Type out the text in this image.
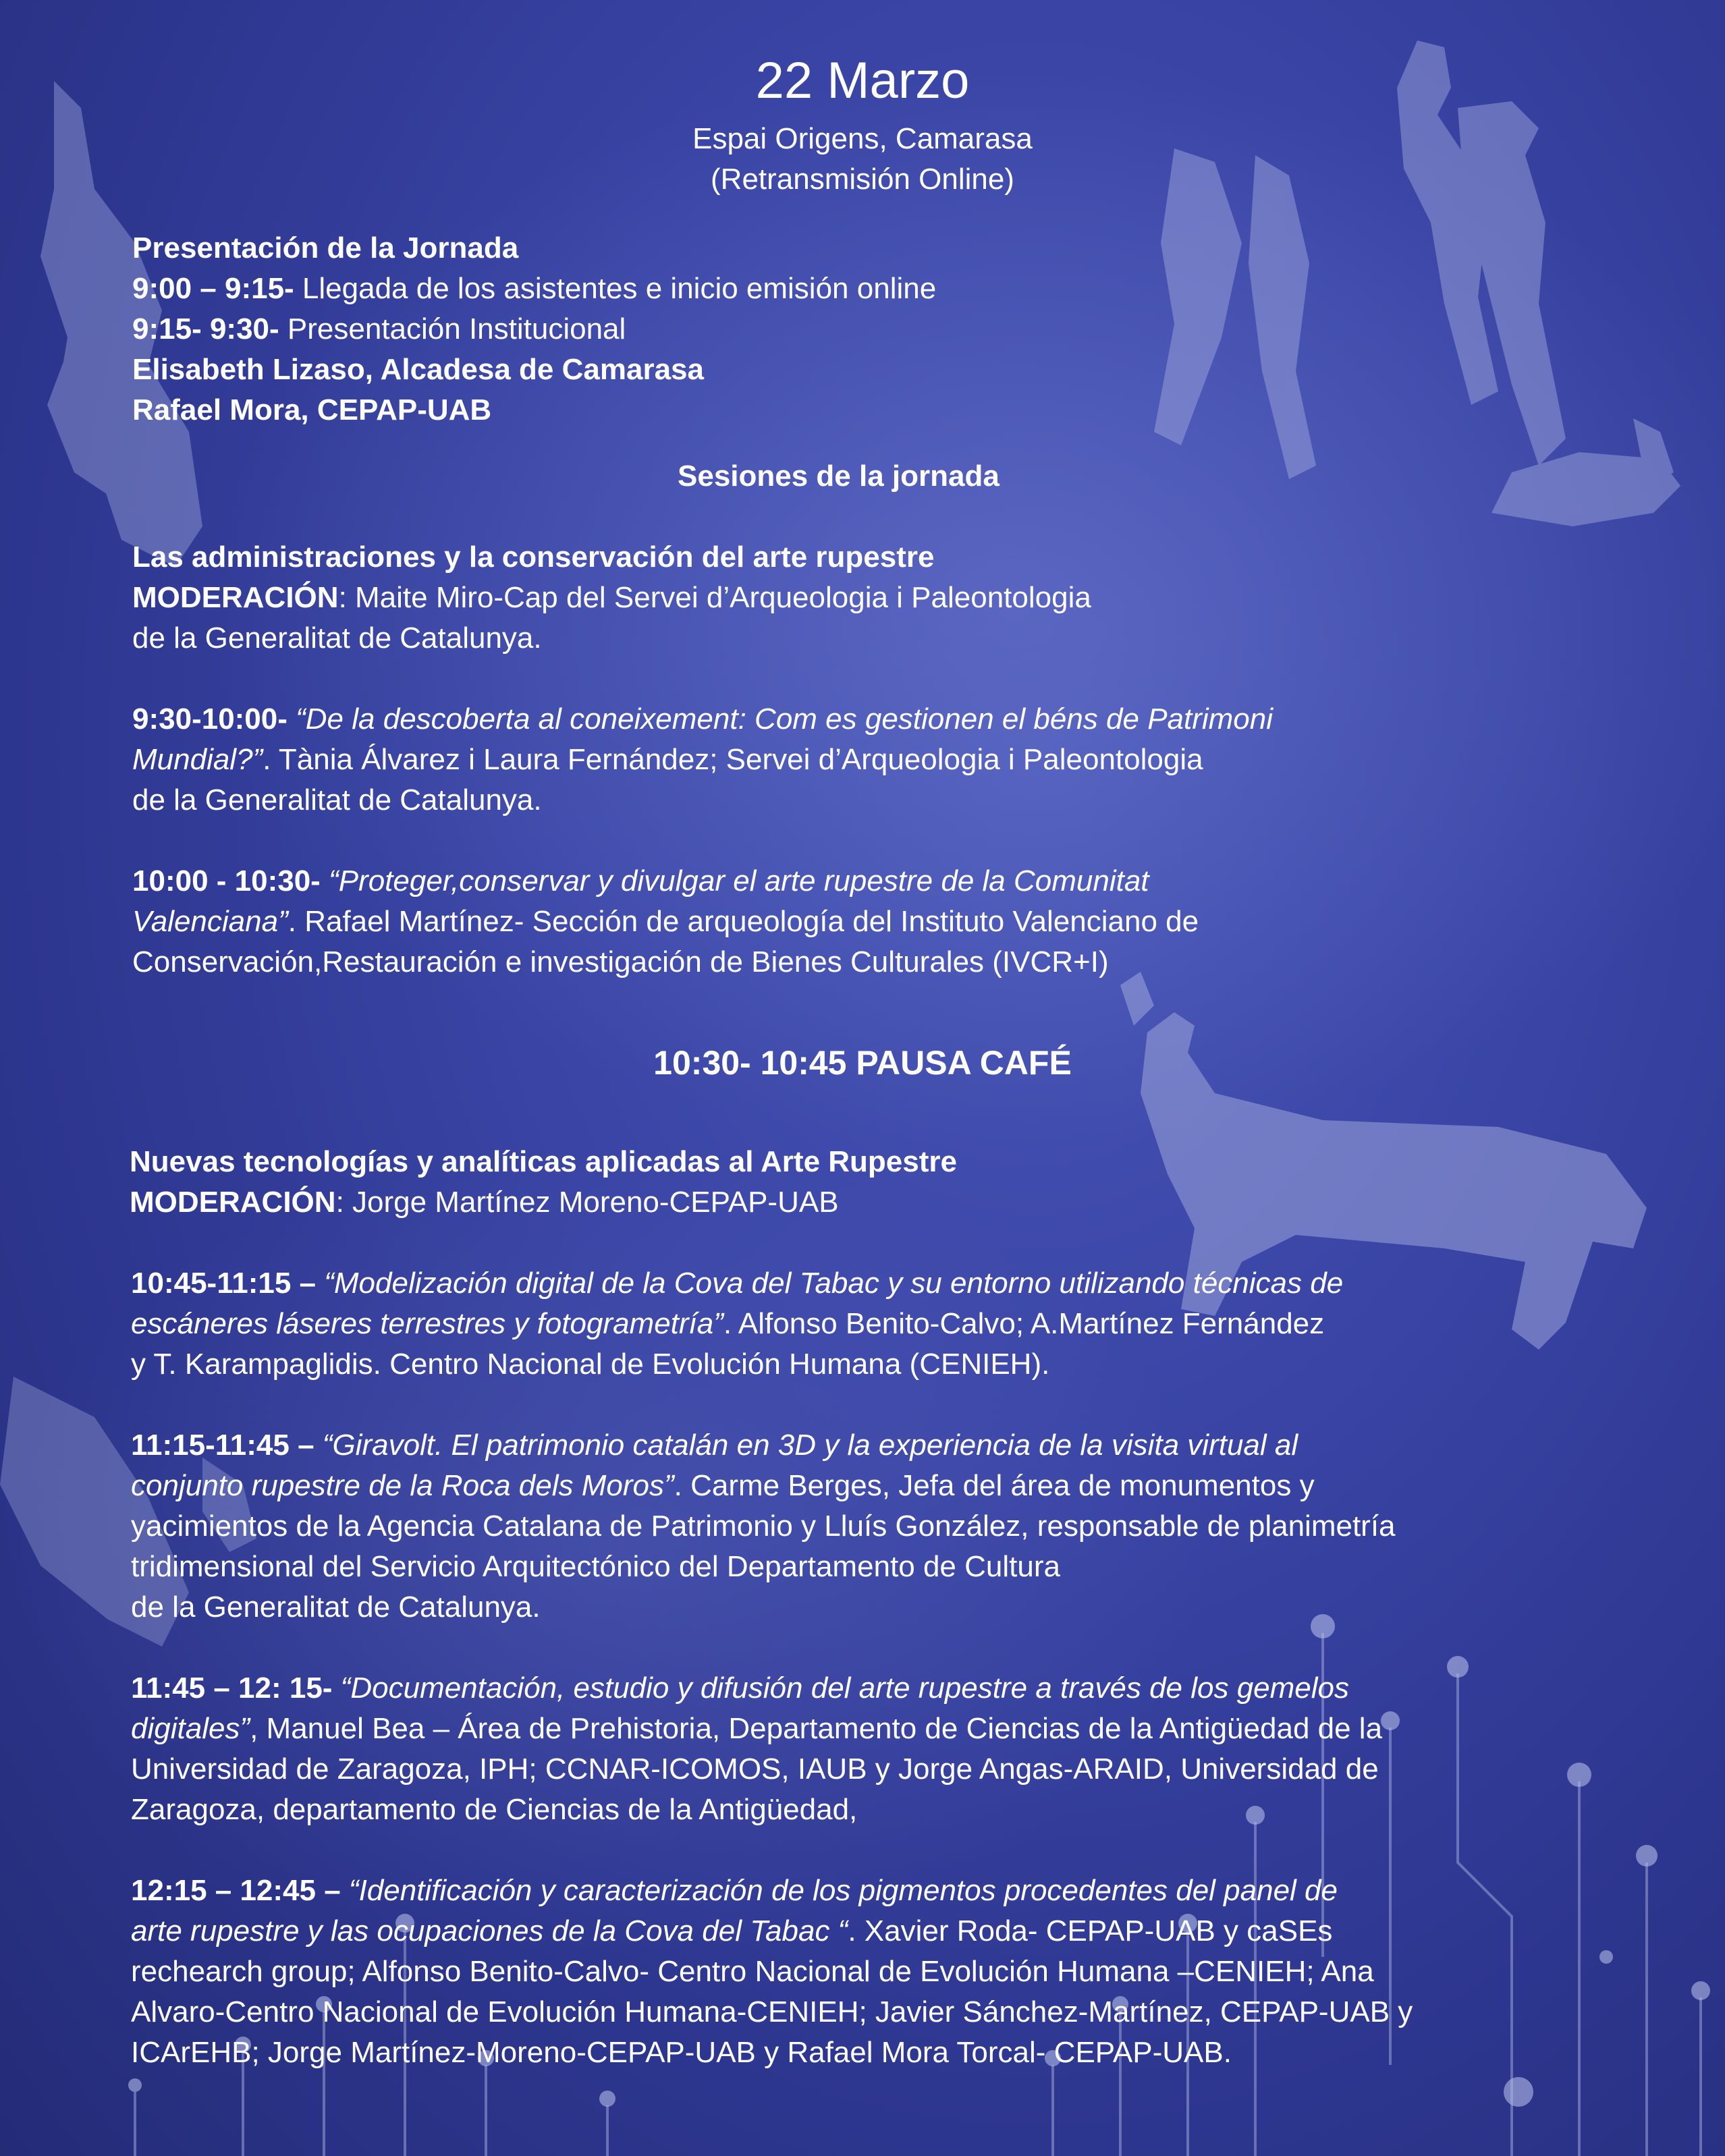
22 Marzo
Espai Origens, Camarasa
(Retransmisión Online)

Presentación de la Jornada

9:00 – 9:15- Llegada de los asistentes e inicio emisión online

9:15- 9:30- Presentación Institucional

Elisabeth Lizaso, Alcadesa de Camarasa

Rafael Mora, CEPAP-UAB

Sesiones de la jornada

Las administraciones y la conservación del arte rupestre

MODERACIÓN: Maite Miro-Cap del Servei d’Arqueologia i Paleontologia

de la Generalitat de Catalunya.

9:30-10:00- “De la descoberta al coneixement: Com es gestionen el béns de Patrimoni

Mundial?”. Tània Álvarez i Laura Fernández; Servei d’Arqueologia i Paleontologia

de la Generalitat de Catalunya.

10:00 - 10:30- “Proteger,conservar y divulgar el arte rupestre de la Comunitat

Valenciana”. Rafael Martínez- Sección de arqueología del Instituto Valenciano de

Conservación,Restauración e investigación de Bienes Culturales (IVCR+I)

10:30- 10:45 PAUSA CAFÉ

Nuevas tecnologías y analíticas aplicadas al Arte Rupestre

MODERACIÓN: Jorge Martínez Moreno-CEPAP-UAB

10:45-11:15 – “Modelización digital de la Cova del Tabac y su entorno utilizando técnicas de

escáneres láseres terrestres y fotogrametría”. Alfonso Benito-Calvo; A.Martínez Fernández

y T. Karampaglidis. Centro Nacional de Evolución Humana (CENIEH).

11:15-11:45 – “Giravolt. El patrimonio catalán en 3D y la experiencia de la visita virtual al

conjunto rupestre de la Roca dels Moros”. Carme Berges, Jefa del área de monumentos y

yacimientos de la Agencia Catalana de Patrimonio y Lluís González, responsable de planimetría

tridimensional del Servicio Arquitectónico del Departamento de Cultura

de la Generalitat de Catalunya.

11:45 – 12: 15- “Documentación, estudio y difusión del arte rupestre a través de los gemelos

digitales”, Manuel Bea – Área de Prehistoria, Departamento de Ciencias de la Antigüedad de la

Universidad de Zaragoza, IPH; CCNAR-ICOMOS, IAUB y Jorge Angas-ARAID, Universidad de

Zaragoza, departamento de Ciencias de la Antigüedad,

12:15 – 12:45 – “Identificación y caracterización de los pigmentos procedentes del panel de

arte rupestre y las ocupaciones de la Cova del Tabac “. Xavier Roda- CEPAP-UAB y caSEs

rechearch group; Alfonso Benito-Calvo- Centro Nacional de Evolución Humana –CENIEH; Ana

Alvaro-Centro Nacional de Evolución Humana-CENIEH; Javier Sánchez-Martínez, CEPAP-UAB y

ICArEHB; Jorge Martínez-Moreno-CEPAP-UAB y Rafael Mora Torcal- CEPAP-UAB.
